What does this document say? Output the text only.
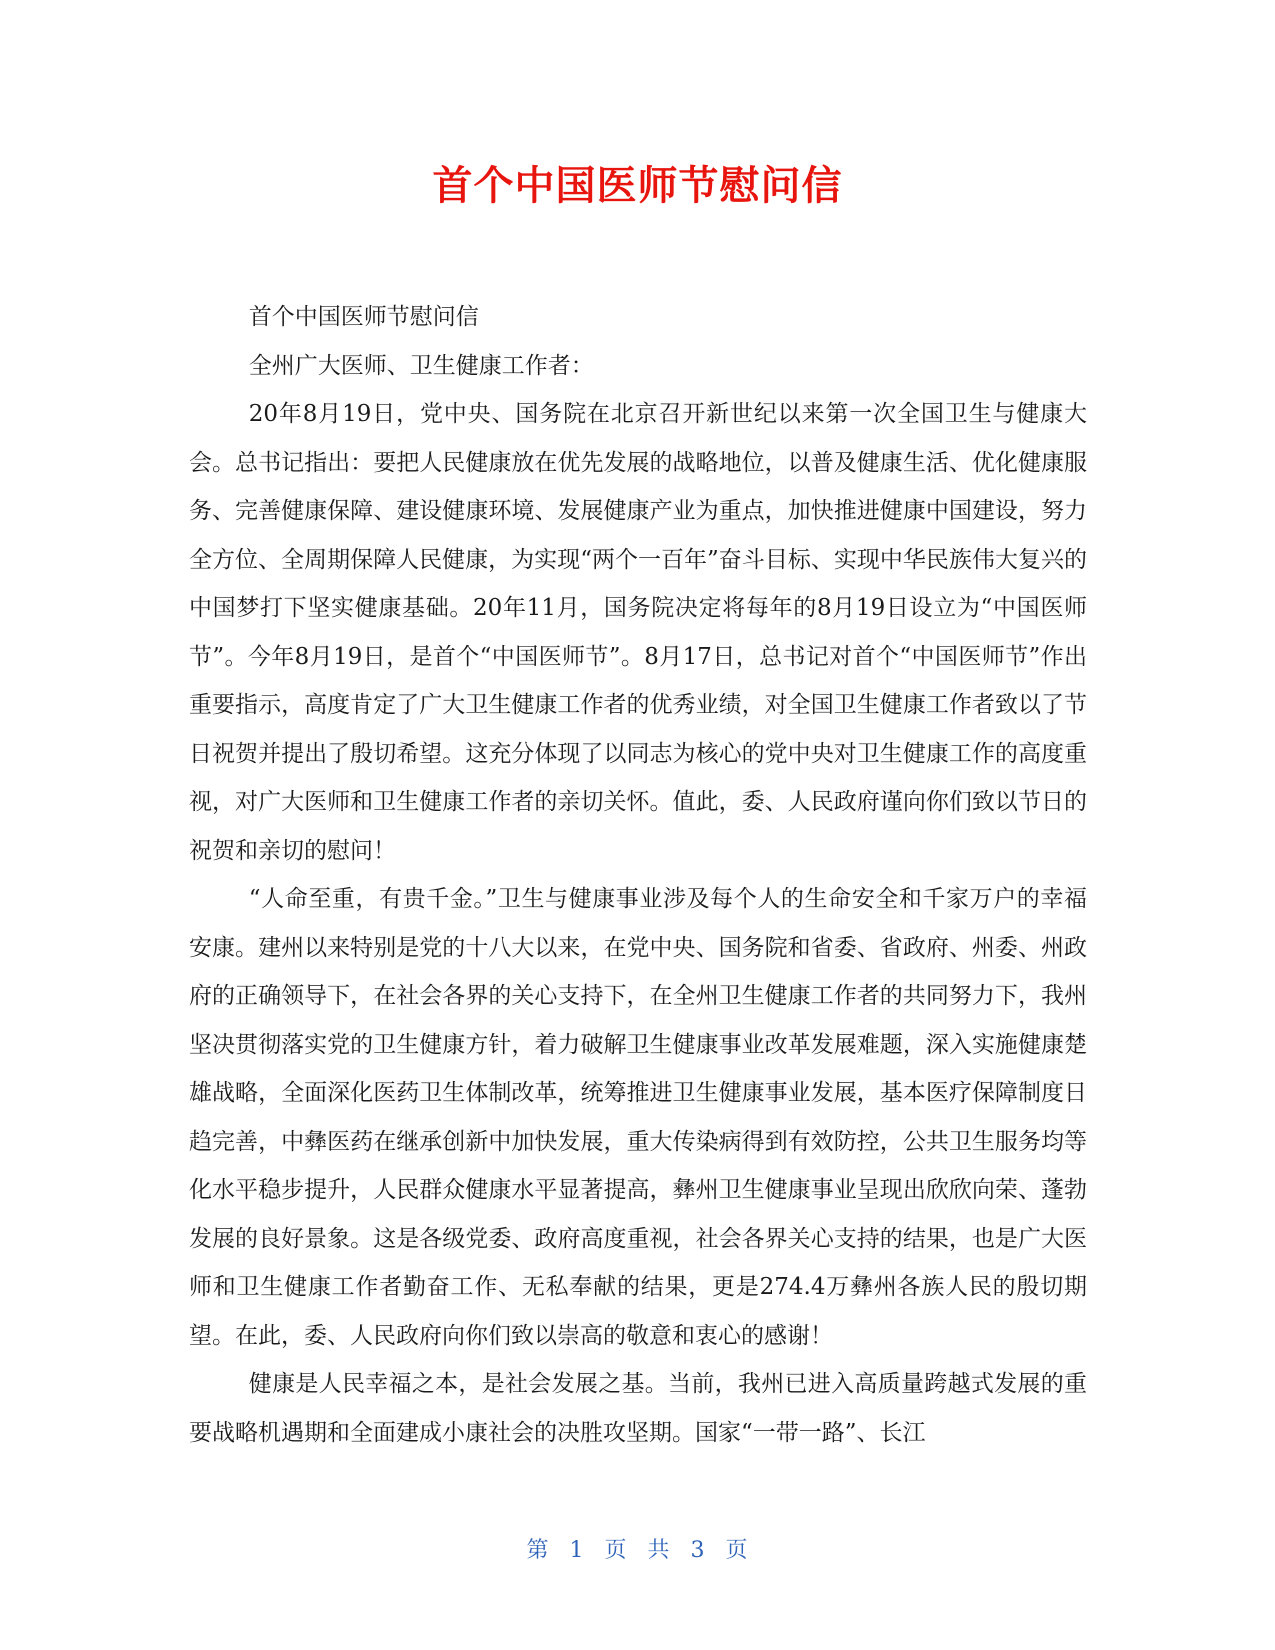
首个中国医师节慰问信

首个中国医师节慰问信

全州广大医师、卫生健康工作者：

20年8月19日，党中央、国务院在北京召开新世纪以来第一次全国卫生与健康大会。总书记指出：要把人民健康放在优先发展的战略地位，以普及健康生活、优化健康服务、完善健康保障、建设健康环境、发展健康产业为重点，加快推进健康中国建设，努力全方位、全周期保障人民健康，为实现“两个一百年”奋斗目标、实现中华民族伟大复兴的中国梦打下坚实健康基础。20年11月，国务院决定将每年的8月19日设立为“中国医师节”。今年8月19日，是首个“中国医师节”。8月17日，总书记对首个“中国医师节”作出重要指示，高度肯定了广大卫生健康工作者的优秀业绩，对全国卫生健康工作者致以了节日祝贺并提出了殷切希望。这充分体现了以同志为核心的党中央对卫生健康工作的高度重视，对广大医师和卫生健康工作者的亲切关怀。值此，委、人民政府谨向你们致以节日的祝贺和亲切的慰问！

“人命至重，有贵千金。”卫生与健康事业涉及每个人的生命安全和千家万户的幸福安康。建州以来特别是党的十八大以来，在党中央、国务院和省委、省政府、州委、州政府的正确领导下，在社会各界的关心支持下，在全州卫生健康工作者的共同努力下，我州坚决贯彻落实党的卫生健康方针，着力破解卫生健康事业改革发展难题，深入实施健康楚雄战略，全面深化医药卫生体制改革，统筹推进卫生健康事业发展，基本医疗保障制度日趋完善，中彝医药在继承创新中加快发展，重大传染病得到有效防控，公共卫生服务均等化水平稳步提升，人民群众健康水平显著提高，彝州卫生健康事业呈现出欣欣向荣、蓬勃发展的良好景象。这是各级党委、政府高度重视，社会各界关心支持的结果，也是广大医师和卫生健康工作者勤奋工作、无私奉献的结果，更是274.4万彝州各族人民的殷切期望。在此，委、人民政府向你们致以崇高的敬意和衷心的感谢！

健康是人民幸福之本，是社会发展之基。当前，我州已进入高质量跨越式发展的重要战略机遇期和全面建成小康社会的决胜攻坚期。国家“一带一路”、长江

第 1 页 共 3 页
